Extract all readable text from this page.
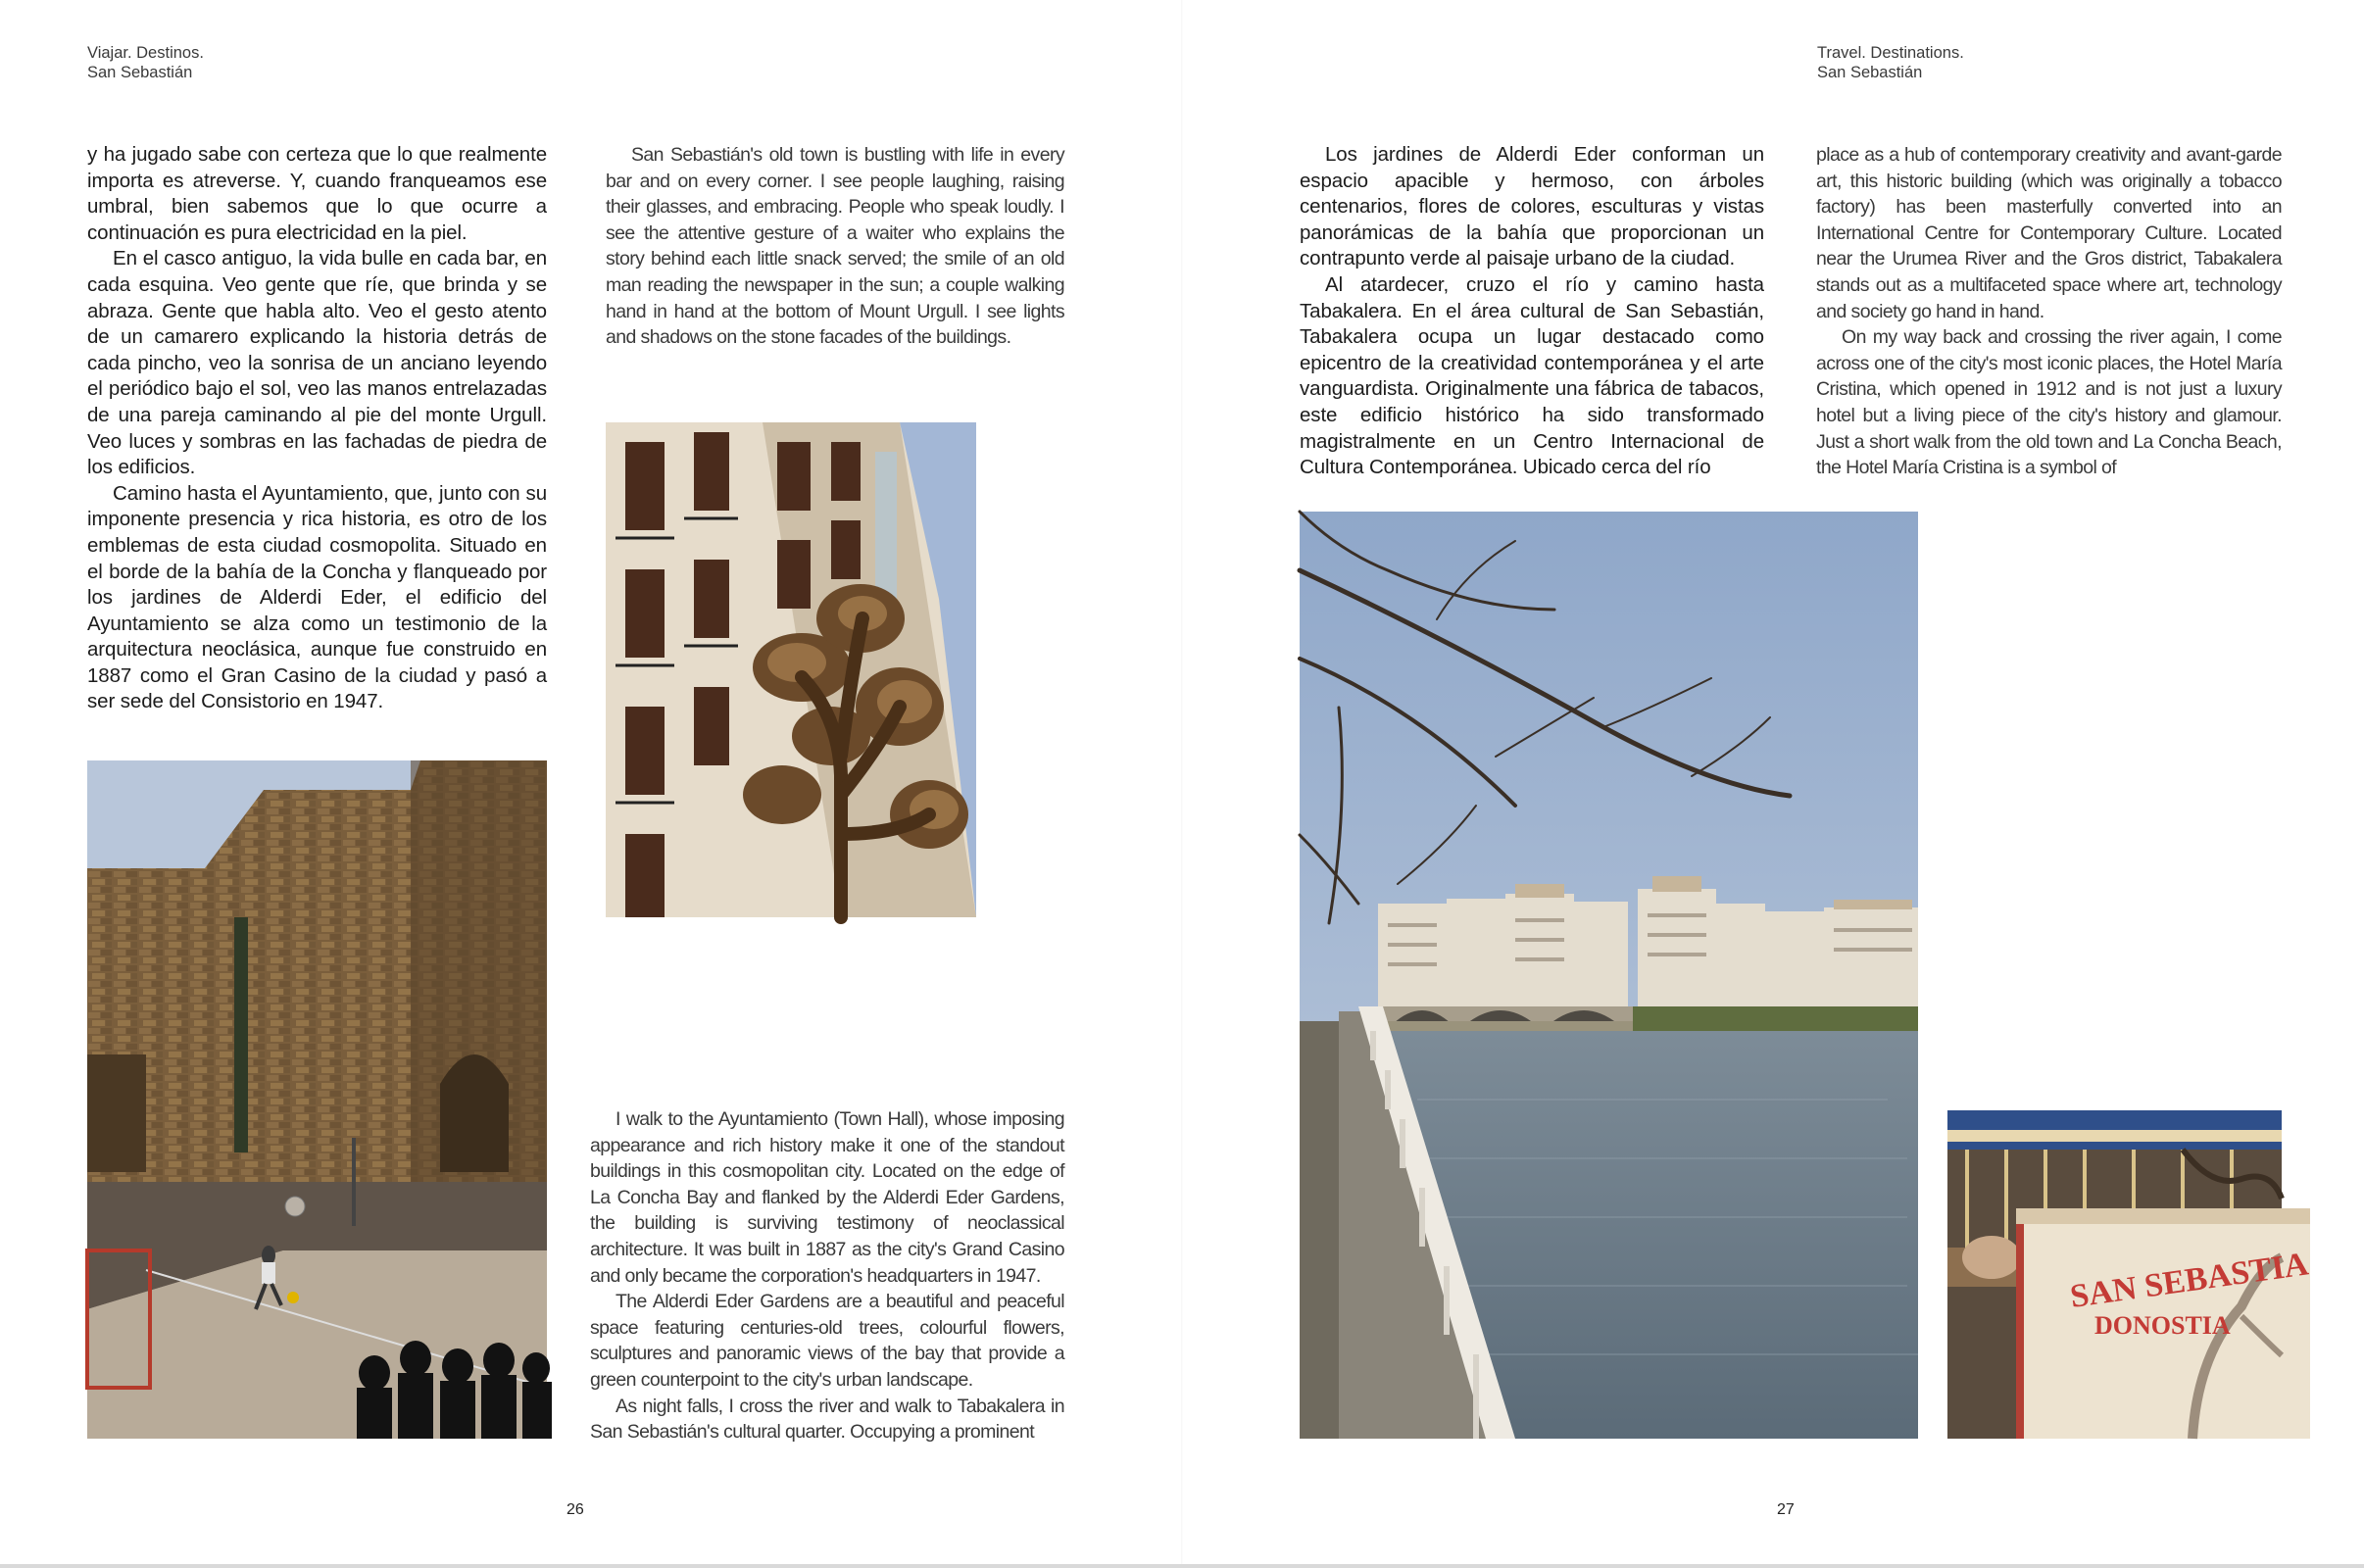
Viajar. Destinos.
San Sebastián

y ha jugado sabe con certeza que lo que realmente importa es atreverse. Y, cuando franqueamos ese umbral, bien sabemos que lo que ocurre a continuación es pura electricidad en la piel.

En el casco antiguo, la vida bulle en cada bar, en cada esquina. Veo gente que ríe, que brinda y se abraza. Gente que habla alto. Veo el gesto atento de un camarero explicando la historia detrás de cada pincho, veo la sonrisa de un anciano leyendo el periódico bajo el sol, veo las manos entrelazadas de una pareja caminando al pie del monte Urgull. Veo luces y sombras en las fachadas de piedra de los edificios.

Camino hasta el Ayuntamiento, que, junto con su imponente presencia y rica historia, es otro de los emblemas de esta ciudad cosmopolita. Situado en el borde de la bahía de la Concha y flanqueado por los jardines de Alderdi Eder, el edificio del Ayuntamiento se alza como un testimonio de la arquitectura neoclásica, aunque fue construido en 1887 como el Gran Casino de la ciudad y pasó a ser sede del Consistorio en 1947.

San Sebastián's old town is bustling with life in every bar and on every corner. I see people laughing, raising their glasses, and embracing. People who speak loudly. I see the attentive gesture of a waiter who explains the story behind each little snack served; the smile of an old man reading the newspaper in the sun; a couple walking hand in hand at the bottom of Mount Urgull. I see lights and shadows on the stone facades of the buildings.

I walk to the Ayuntamiento (Town Hall), whose imposing appearance and rich history make it one of the standout buildings in this cosmopolitan city. Located on the edge of La Concha Bay and flanked by the Alderdi Eder Gardens, the building is surviving testimony of neoclassical architecture. It was built in 1887 as the city's Grand Casino and only became the corporation's headquarters in 1947.

The Alderdi Eder Gardens are a beautiful and peaceful space featuring centuries-old trees, colourful flowers, sculptures and panoramic views of the bay that provide a green counterpoint to the city's urban landscape.

As night falls, I cross the river and walk to Tabakalera in San Sebastián's cultural quarter. Occupying a prominent

26
Travel. Destinations.
San Sebastián

Los jardines de Alderdi Eder conforman un espacio apacible y hermoso, con árboles centenarios, flores de colores, esculturas y vistas panorámicas de la bahía que proporcionan un contrapunto verde al paisaje urbano de la ciudad.

Al atardecer, cruzo el río y camino hasta Tabakalera. En el área cultural de San Sebastián, Tabakalera ocupa un lugar destacado como epicentro de la creatividad contemporánea y el arte vanguardista. Originalmente una fábrica de tabacos, este edificio histórico ha sido transformado magistralmente en un Centro Internacional de Cultura Contemporánea. Ubicado cerca del río

place as a hub of contemporary creativity and avant-garde art, this historic building (which was originally a tobacco factory) has been masterfully converted into an International Centre for Contemporary Culture. Located near the Urumea River and the Gros district, Tabakalera stands out as a multifaceted space where art, technology and society go hand in hand.

On my way back and crossing the river again, I come across one of the city's most iconic places, the Hotel María Cristina, which opened in 1912 and is not just a luxury hotel but a living piece of the city's history and glamour. Just a short walk from the old town and La Concha Beach, the Hotel María Cristina is a symbol of

SAN SEBASTIA
DONOSTIA
27
